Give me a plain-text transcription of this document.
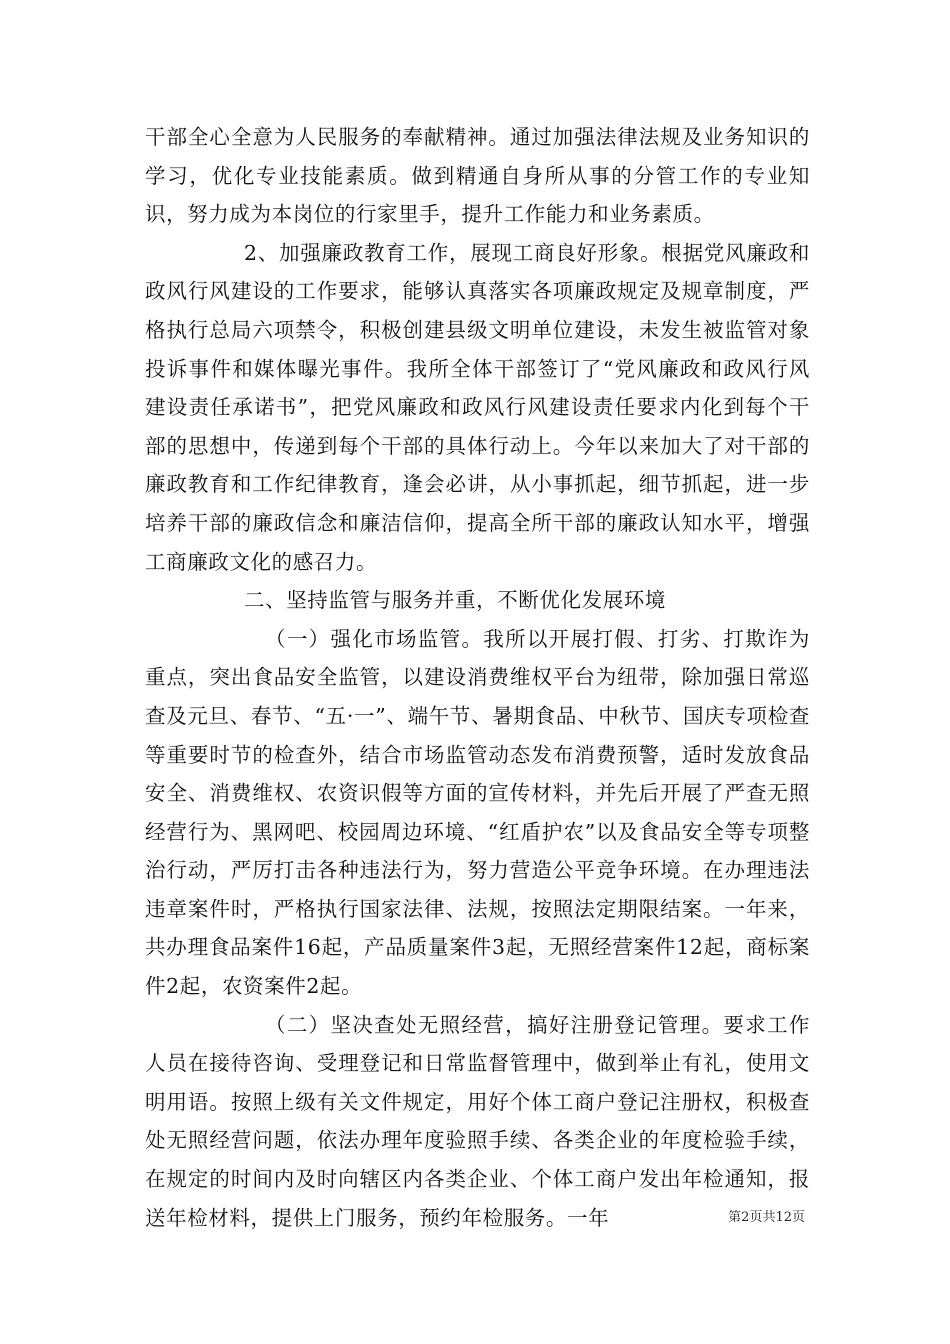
干部全心全意为人民服务的奉献精神。通过加强法律法规及业务知识的学习，优化专业技能素质。做到精通自身所从事的分管工作的专业知识，努力成为本岗位的行家里手，提升工作能力和业务素质。

2、加强廉政教育工作，展现工商良好形象。根据党风廉政和政风行风建设的工作要求，能够认真落实各项廉政规定及规章制度，严格执行总局六项禁令，积极创建县级文明单位建设，未发生被监管对象投诉事件和媒体曝光事件。我所全体干部签订了“党风廉政和政风行风建设责任承诺书”，把党风廉政和政风行风建设责任要求内化到每个干部的思想中，传递到每个干部的具体行动上。今年以来加大了对干部的廉政教育和工作纪律教育，逢会必讲，从小事抓起，细节抓起，进一步培养干部的廉政信念和廉洁信仰，提高全所干部的廉政认知水平，增强工商廉政文化的感召力。

二、坚持监管与服务并重，不断优化发展环境

（一）强化市场监管。我所以开展打假、打劣、打欺诈为重点，突出食品安全监管，以建设消费维权平台为纽带，除加强日常巡查及元旦、春节、“五·一”、端午节、暑期食品、中秋节、国庆专项检查等重要时节的检查外，结合市场监管动态发布消费预警，适时发放食品安全、消费维权、农资识假等方面的宣传材料，并先后开展了严查无照经营行为、黑网吧、校园周边环境、“红盾护农”以及食品安全等专项整治行动，严厉打击各种违法行为，努力营造公平竞争环境。在办理违法违章案件时，严格执行国家法律、法规，按照法定期限结案。一年来，共办理食品案件16起，产品质量案件3起，无照经营案件12起，商标案件2起，农资案件2起。

（二）坚决查处无照经营，搞好注册登记管理。要求工作人员在接待咨询、受理登记和日常监督管理中，做到举止有礼，使用文明用语。按照上级有关文件规定，用好个体工商户登记注册权，积极查处无照经营问题，依法办理年度验照手续、各类企业的年度检验手续，在规定的时间内及时向辖区内各类企业、个体工商户发出年检通知，报送年检材料，提供上门服务，预约年检服务。一年	第2页共12页
